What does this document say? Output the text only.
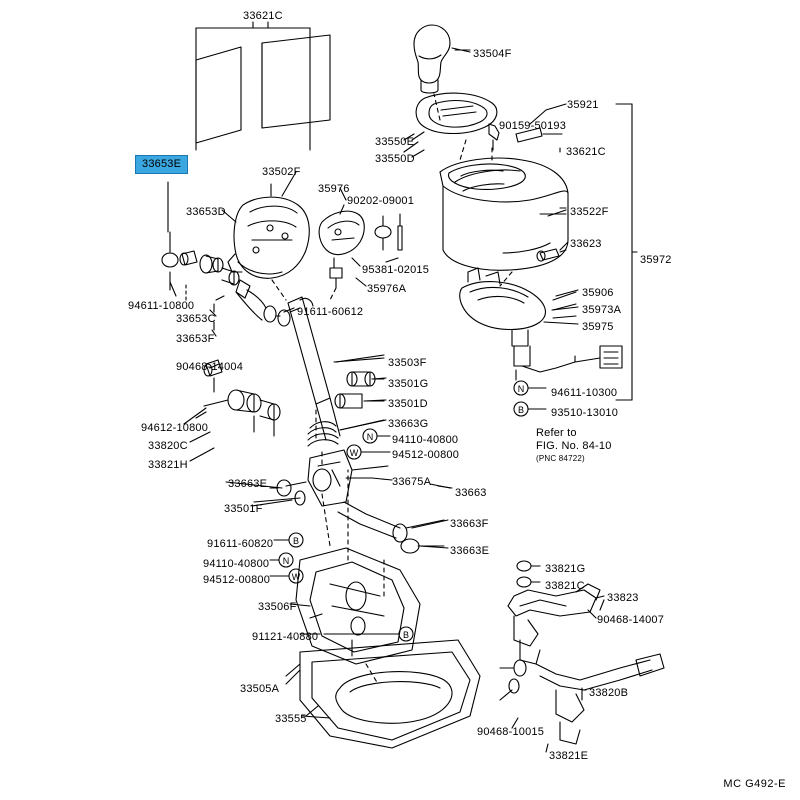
N
B
N
W
B
N
W
B
33621C
33504F
35921
90159-50193
33550E
33621C
33550D
33502F
35976
33653D
90202-09001
33522F
33623
35972
95381-02015
35976A
94611-10800
33653C
91611-60612
35906
35973A
35975
33653F
33503F
90468-14004
33501G
94611-10300
33501D
93510-13010
94612-10800	33663G
33820C	94110-40800
33821H
94512-00800
33663E	33675A
33663
33501F
33663F
91611-60820
33663E
94110-40800	33821G
94512-00800	33821C
33823
33506F
90468-14007
91121-40880
33820B
33505A
33555
90468-10015
33821E
33653E
Refer to
FIG. No. 84-10
(PNC 84722)
MC G492-E
